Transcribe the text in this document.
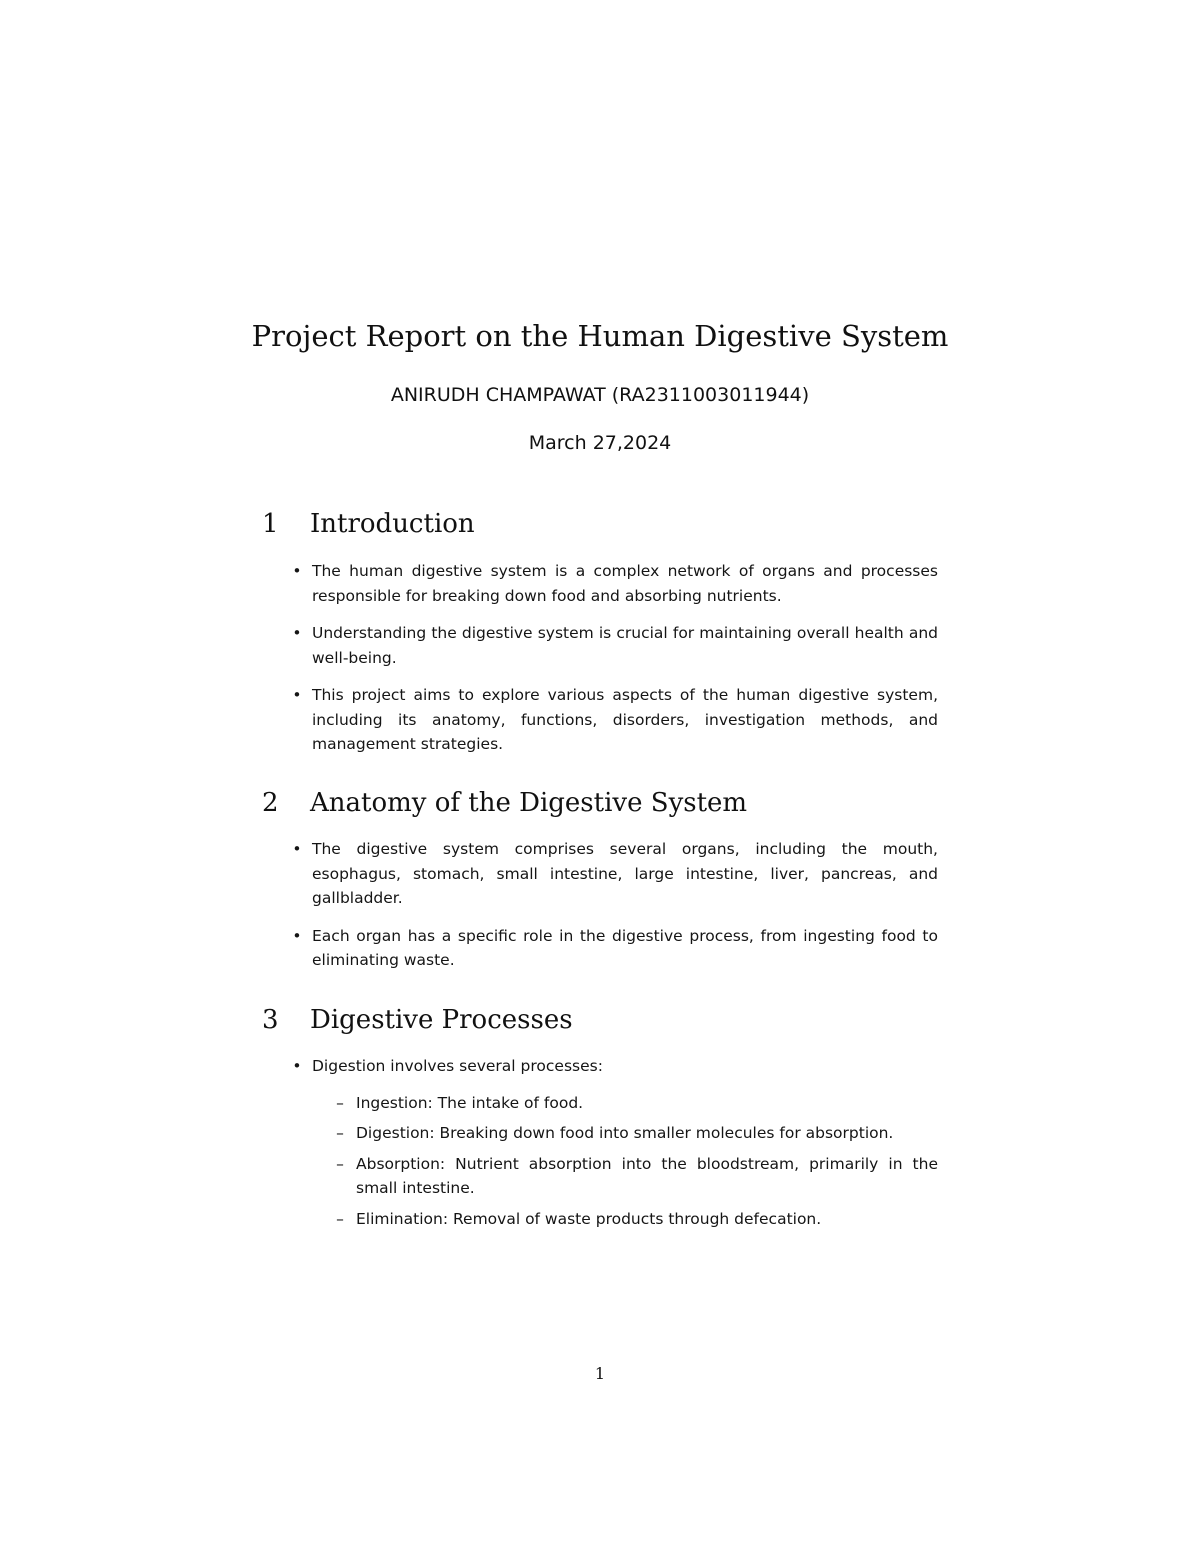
Project Report on the Human Digestive System
ANIRUDH CHAMPAWAT (RA2311003011944)
March 27,2024
1 Introduction
• The human digestive system is a complex network of organs and processes responsible for breaking down food and absorbing nutrients.
• Understanding the digestive system is crucial for maintaining overall health and well-being.
• This project aims to explore various aspects of the human digestive system, including its anatomy, functions, disorders, investigation methods, and management strategies.
2 Anatomy of the Digestive System
• The digestive system comprises several organs, including the mouth, esophagus, stomach, small intestine, large intestine, liver, pancreas, and gallbladder.
• Each organ has a specific role in the digestive process, from ingesting food to eliminating waste.
3 Digestive Processes
• Digestion involves several processes:
– Ingestion: The intake of food.
– Digestion: Breaking down food into smaller molecules for absorption.
– Absorption: Nutrient absorption into the bloodstream, primarily in the small intestine.
– Elimination: Removal of waste products through defecation.
1
